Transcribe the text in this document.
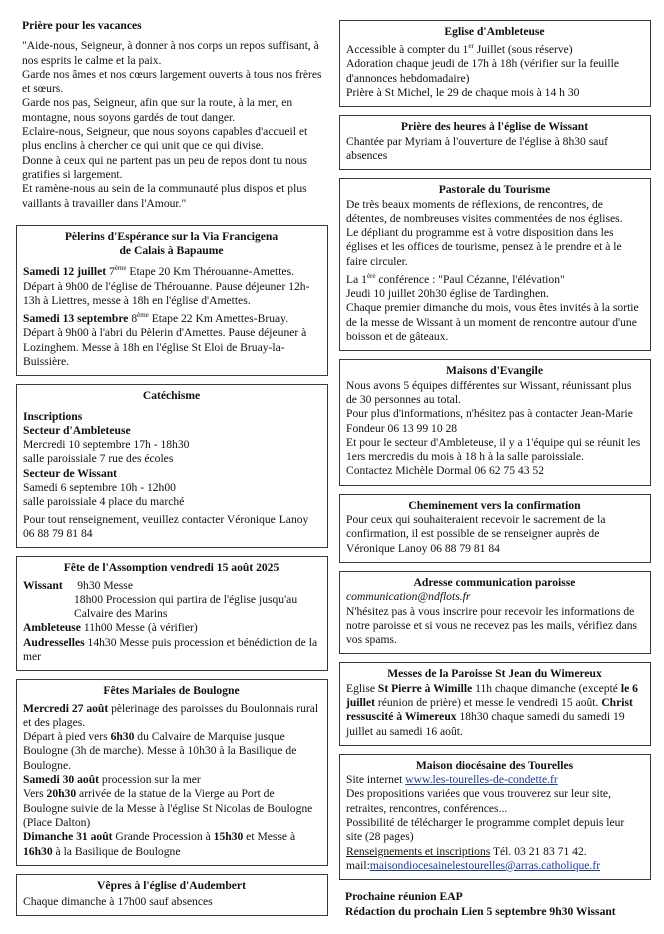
Prière pour les vacances

"Aide-nous, Seigneur, à donner à nos corps un repos suffisant, à nos esprits le calme et la paix.

Garde nos âmes et nos cœurs largement ouverts à tous nos frères et sœurs.

Garde nos pas, Seigneur, afin que sur la route, à la mer, en montagne, nous soyons gardés de tout danger.

Eclaire-nous, Seigneur, que nous soyons capables d'accueil et plus enclins à chercher ce qui unit que ce qui divise.

Donne à ceux qui ne partent pas un peu de repos dont tu nous gratifies si largement.

Et ramène-nous au sein de la communauté plus dispos et plus vaillants à travailler dans l'Amour."

Pèlerins d'Espérance sur la Via Francigena

de Calais à Bapaume

Samedi 12 juillet 7ème Etape 20 Km Thérouanne-Amettes.

Départ à 9h00 de l'église de Thérouanne. Pause déjeuner 12h-13h à Liettres, messe à 18h en l'église d'Amettes.

Samedi 13 septembre 8ème Etape 22 Km Amettes-Bruay.

Départ à 9h00 à l'abri du Pèlerin d'Amettes. Pause déjeuner à Lozinghem. Messe à 18h en l'église St Eloi de Bruay-la-Buissière.

Catéchisme

Inscriptions

Secteur d'Ambleteuse

Mercredi 10 septembre 17h - 18h30

salle paroissiale 7 rue des écoles

Secteur de Wissant

Samedi 6 septembre 10h - 12h00

salle paroissiale 4 place du marché

Pour tout renseignement, veuillez contacter Véronique Lanoy 06 88 79 81 84

Fête de l'Assomption vendredi 15 août 2025

Wissant 9h30 Messe

18h00 Procession qui partira de l'église jusqu'au Calvaire des Marins

Ambleteuse 11h00 Messe (à vérifier)

Audresselles 14h30 Messe puis procession et bénédiction de la mer

Fêtes Mariales de Boulogne

Mercredi 27 août pèlerinage des paroisses du Boulonnais rural et des plages.

Départ à pied vers 6h30 du Calvaire de Marquise jusque Boulogne (3h de marche). Messe à 10h30 à la Basilique de Boulogne.

Samedi 30 août procession sur la mer

Vers 20h30 arrivée de la statue de la Vierge au Port de Boulogne suivie de la Messe à l'église St Nicolas de Boulogne (Place Dalton)

Dimanche 31 août Grande Procession à 15h30 et Messe à 16h30 à la Basilique de Boulogne

Vêpres à l'église d'Audembert

Chaque dimanche à 17h00 sauf absences

Eglise d'Ambleteuse

Accessible à compter du 1er Juillet (sous réserve)

Adoration chaque jeudi de 17h à 18h (vérifier sur la feuille d'annonces hebdomadaire)

Prière à St Michel, le 29 de chaque mois à 14 h 30

Prière des heures à l'église de Wissant

Chantée par Myriam à l'ouverture de l'église à 8h30 sauf absences

Pastorale du Tourisme

De très beaux moments de réflexions, de rencontres, de détentes, de nombreuses visites commentées de nos églises.

Le dépliant du programme est à votre disposition dans les églises et les offices de tourisme, pensez à le prendre et à le faire circuler.

La 1ère conférence : "Paul Cézanne, l'élévation"

Jeudi 10 juillet 20h30 église de Tardinghen.

Chaque premier dimanche du mois, vous êtes invités à la sortie de la messe de Wissant à un moment de rencontre autour d'une boisson et de gâteaux.

Maisons d'Evangile

Nous avons 5 équipes différentes sur Wissant, réunissant plus de 30 personnes au total.

Pour plus d'informations, n'hésitez pas à contacter Jean-Marie Fondeur 06 13 99 10 28

Et pour le secteur d'Ambleteuse, il y a 1'équipe qui se réunit les 1ers mercredis du mois à 18 h à la salle paroissiale.

Contactez Michèle Dormal 06 62 75 43 52

Cheminement vers la confirmation

Pour ceux qui souhaiteraient recevoir le sacrement de la confirmation, il est possible de se renseigner auprès de Véronique Lanoy 06 88 79 81 84

Adresse communication paroisse

communication@ndflots.fr

N'hésitez pas à vous inscrire pour recevoir les informations de notre paroisse et si vous ne recevez pas les mails, vérifiez dans vos spams.

Messes de la Paroisse St Jean du Wimereux

Eglise St Pierre à Wimille 11h chaque dimanche (excepté le 6 juillet réunion de prière) et messe le vendredi 15 août. Christ ressuscité à Wimereux 18h30 chaque samedi du samedi 19 juillet au samedi 16 août.

Maison diocésaine des Tourelles

Site internet www.les-tourelles-de-condette.fr

Des propositions variées que vous trouverez sur leur site, retraites, rencontres, conférences...

Possibilité de télécharger le programme complet depuis leur site (28 pages)

Renseignements et inscriptions Tél. 03 21 83 71 42.

mail:maisondiocesainelestourelles@arras.catholique.fr

Prochaine réunion EAP

Rédaction du prochain Lien 5 septembre 9h30 Wissant
